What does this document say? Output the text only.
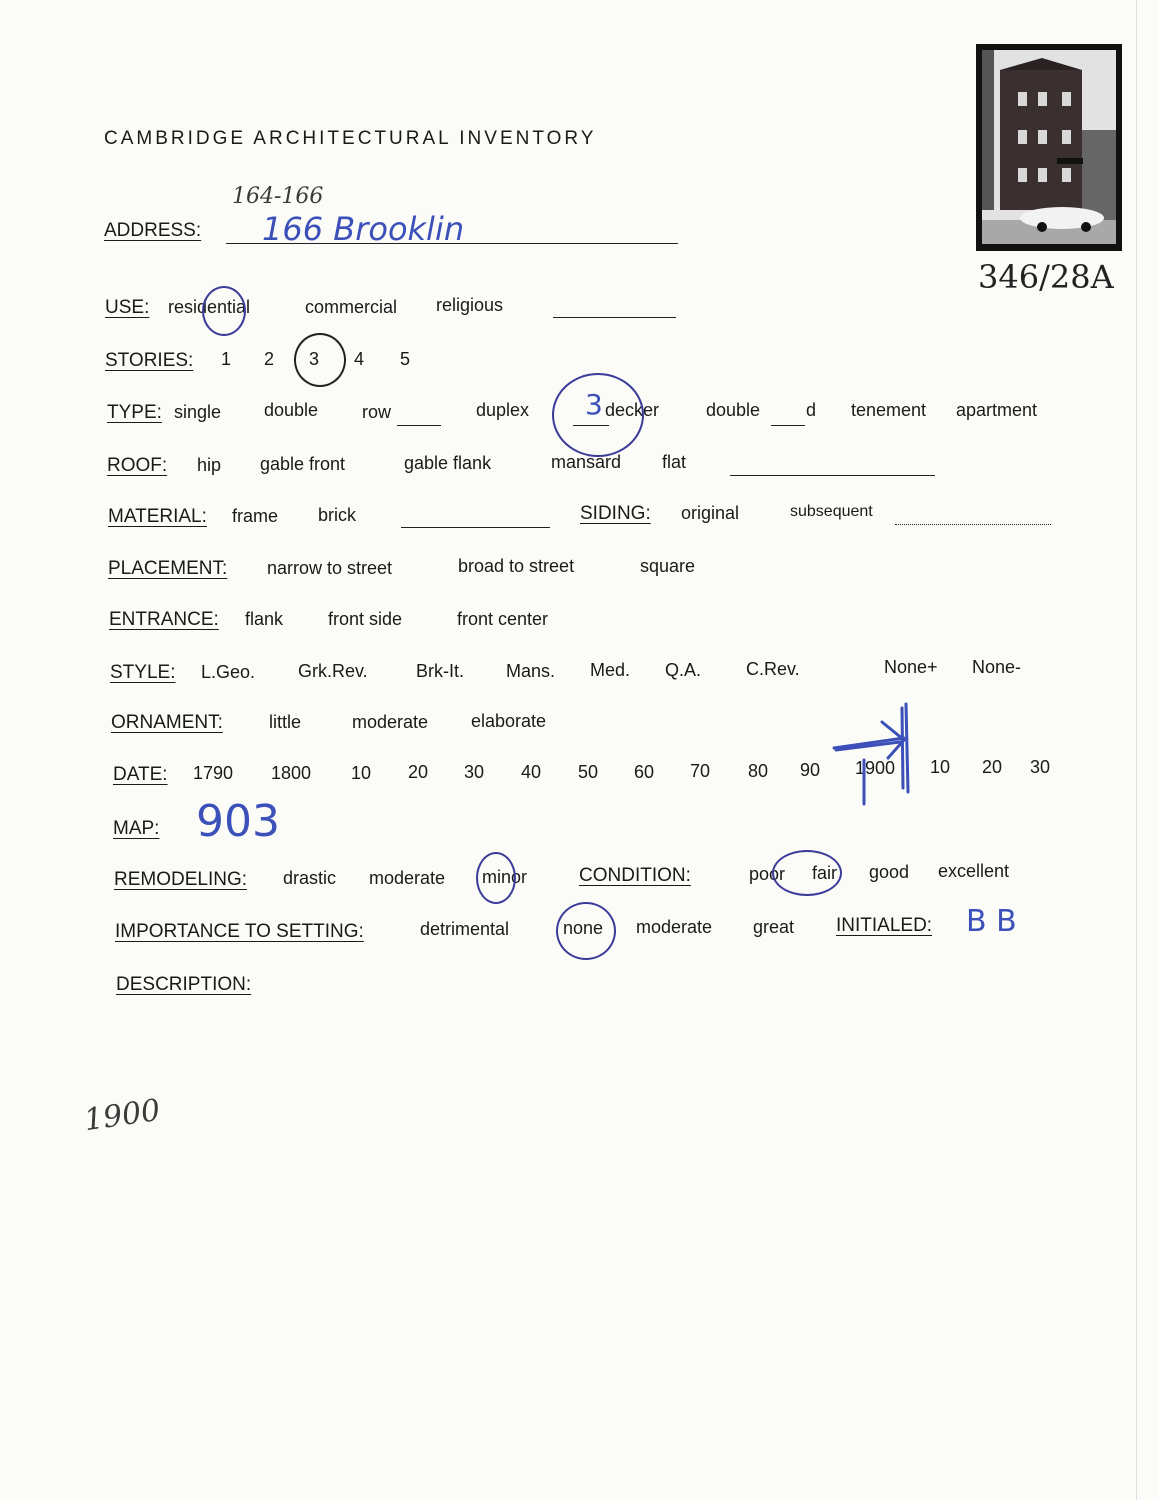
346/28A
CAMBRIDGE ARCHITECTURAL INVENTORY
164-166
ADDRESS: 166 Brooklin
USE: residential	commercial religious
STORIES: 1 2 3 4 5
TYPE: single double row	duplex 3 decker	double	d tenement apartment
ROOF: hip gable front	gable flank	mansard flat
MATERIAL: frame brick	SIDING: original	subsequent
PLACEMENT: narrow to street	broad to street	square
ENTRANCE: flank front side	front center
STYLE: L.Geo. Grk.Rev.	Brk-It. Mans. Med. Q.A. C.Rev.	None+ None-
ORNAMENT:	little	moderate elaborate
DATE: 1790 1800 10 20 30 40 50 60 70 80 90 1900 10 20 30
MAP: 903
REMODELING: drastic moderate minor	CONDITION:	poor fair good excellent
IMPORTANCE TO SETTING:	detrimental	none moderate great INITIALED: B B
DESCRIPTION:
1900
